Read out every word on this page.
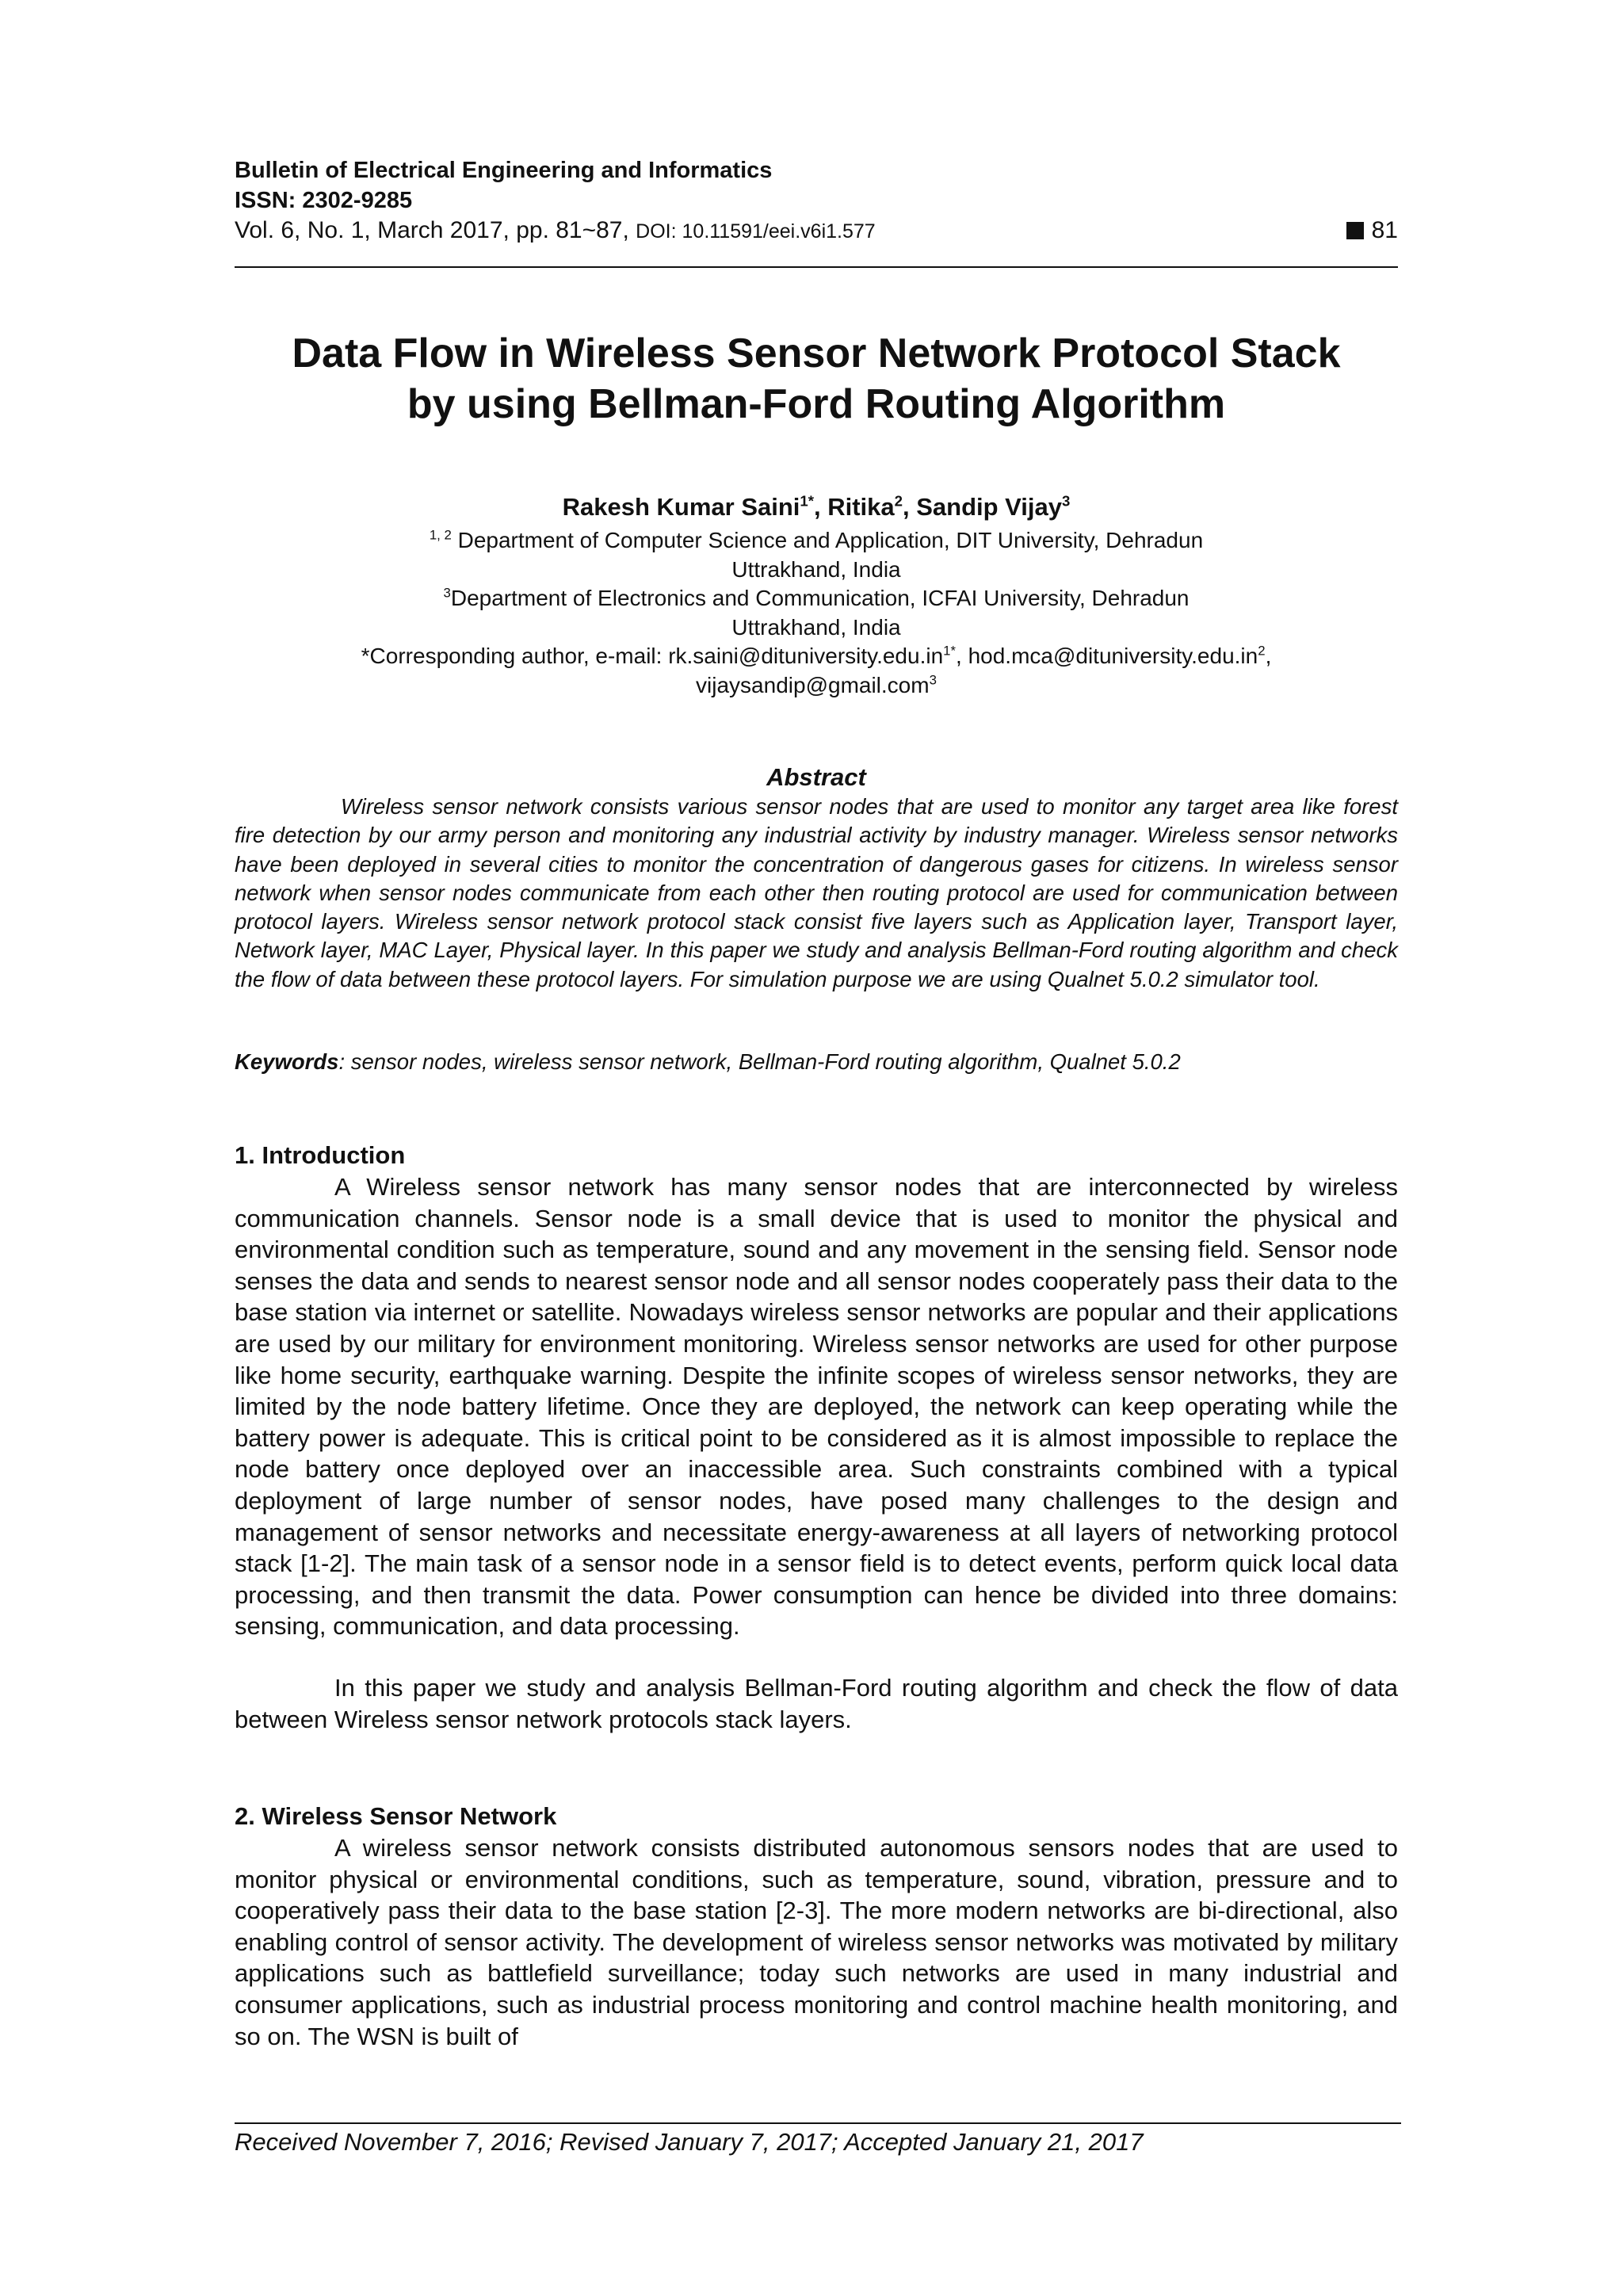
Bulletin of Electrical Engineering and Informatics
ISSN: 2302-9285
Vol. 6, No. 1, March 2017, pp. 81~87, DOI: 10.11591/eei.v6i1.577	81
Data Flow in Wireless Sensor Network Protocol Stack
by using Bellman-Ford Routing Algorithm
Rakesh Kumar Saini$^{1*}$, Ritika$^2$, Sandip Vijay$^3$
$^{1, 2}$ Department of Computer Science and Application, DIT University, Dehradun
Uttrakhand, India
$^3$Department of Electronics and Communication, ICFAI University, Dehradun
Uttrakhand, India
*Corresponding author, e-mail: $rk.saini@dituniversity.edu.in^{1*}$, $hod.mca@dituniversity.edu.in^2$,
vijaysandip@gmail.com$^3$
Abstract

Wireless sensor network consists various sensor nodes that are used to monitor any target area like forest fire detection by our army person and monitoring any industrial activity by industry manager. Wireless sensor networks have been deployed in several cities to monitor the concentration of dangerous gases for citizens. In wireless sensor network when sensor nodes communicate from each other then routing protocol are used for communication between protocol layers. Wireless sensor network protocol stack consist five layers such as Application layer, Transport layer, Network layer, MAC Layer, Physical layer. In this paper we study and analysis Bellman-Ford routing algorithm and check the flow of data between these protocol layers. For simulation purpose we are using Qualnet 5.0.2 simulator tool.

Keywords: sensor nodes, wireless sensor network, Bellman-Ford routing algorithm, Qualnet 5.0.2
1. Introduction

A Wireless sensor network has many sensor nodes that are interconnected by wireless communication channels. Sensor node is a small device that is used to monitor the physical and environmental condition such as temperature, sound and any movement in the sensing field. Sensor node senses the data and sends to nearest sensor node and all sensor nodes cooperately pass their data to the base station via internet or satellite. Nowadays wireless sensor networks are popular and their applications are used by our military for environment monitoring. Wireless sensor networks are used for other purpose like home security, earthquake warning. Despite the infinite scopes of wireless sensor networks, they are limited by the node battery lifetime. Once they are deployed, the network can keep operating while the battery power is adequate. This is critical point to be considered as it is almost impossible to replace the node battery once deployed over an inaccessible area. Such constraints combined with a typical deployment of large number of sensor nodes, have posed many challenges to the design and management of sensor networks and necessitate energy-awareness at all layers of networking protocol stack [1-2]. The main task of a sensor node in a sensor field is to detect events, perform quick local data processing, and then transmit the data. Power consumption can hence be divided into three domains: sensing, communication, and data processing.

In this paper we study and analysis Bellman-Ford routing algorithm and check the flow of data between Wireless sensor network protocols stack layers.

2. Wireless Sensor Network

A wireless sensor network consists distributed autonomous sensors nodes that are used to monitor physical or environmental conditions, such as temperature, sound, vibration, pressure and to cooperatively pass their data to the base station [2-3]. The more modern networks are bi-directional, also enabling control of sensor activity. The development of wireless sensor networks was motivated by military applications such as battlefield surveillance; today such networks are used in many industrial and consumer applications, such as industrial process monitoring and control machine health monitoring, and so on. The WSN is built of

Received November 7, 2016; Revised January 7, 2017; Accepted January 21, 2017
